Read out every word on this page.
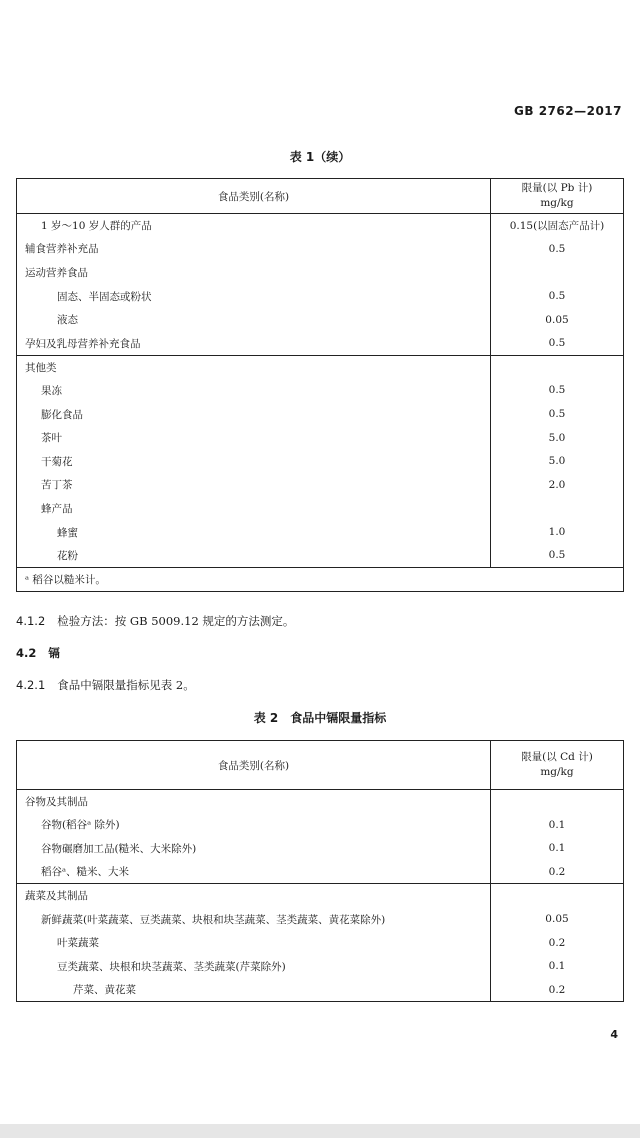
GB 2762—2017
表 1（续）
食品类别(名称)	限量(以 Pb 计)
mg/kg

1 岁～10 岁人群的产品	0.15(以固态产品计)
辅食营养补充品	0.5
运动营养食品	
固态、半固态或粉状	0.5
液态	0.05
孕妇及乳母营养补充食品	0.5
其他类	
果冻	0.5
膨化食品	0.5
茶叶	5.0
干菊花	5.0
苦丁茶	2.0
蜂产品	
蜂蜜	1.0
花粉	0.5
ᵃ 稻谷以糙米计。	
4.1.2 检验方法：按 GB 5009.12 规定的方法测定。
4.2 镉
4.2.1 食品中镉限量指标见表 2。
表 2　食品中镉限量指标
食品类别(名称)	限量(以 Cd 计)
mg/kg

谷物及其制品	
谷物(稻谷ᵃ 除外)	0.1
谷物碾磨加工品(糙米、大米除外)	0.1
稻谷ᵃ、糙米、大米	0.2
蔬菜及其制品	
新鲜蔬菜(叶菜蔬菜、豆类蔬菜、块根和块茎蔬菜、茎类蔬菜、黄花菜除外)	0.05
叶菜蔬菜	0.2
豆类蔬菜、块根和块茎蔬菜、茎类蔬菜(芹菜除外)	0.1
芹菜、黄花菜	0.2
4
